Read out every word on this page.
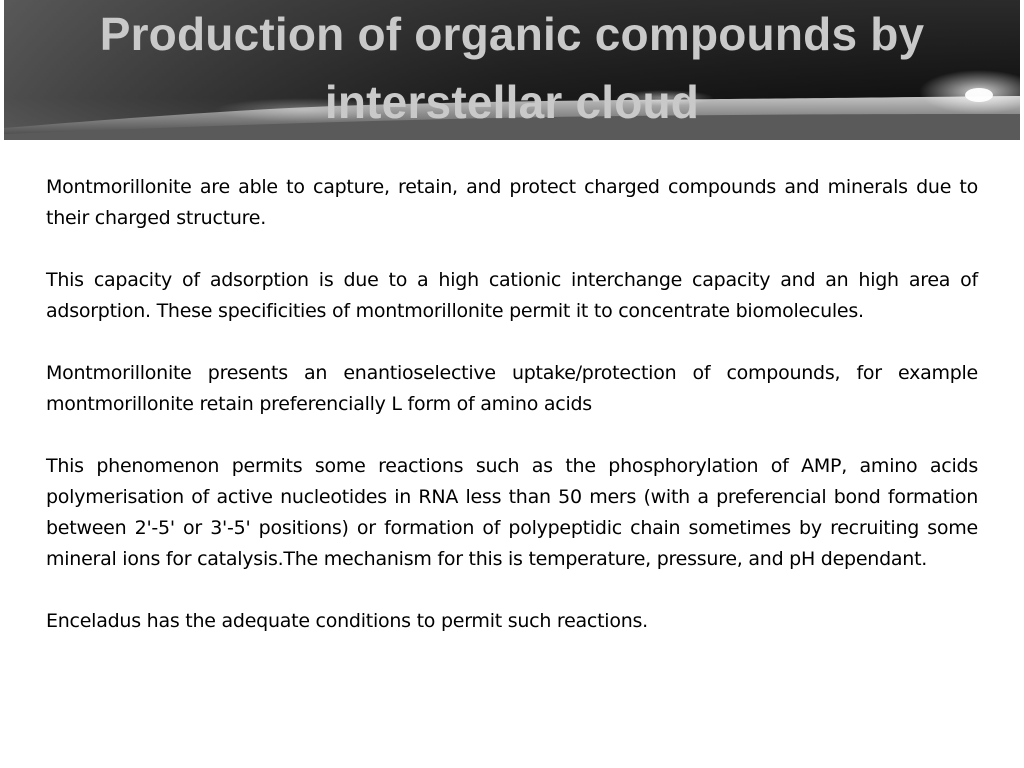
Production of organic compounds by interstellar cloud

Montmorillonite are able to capture, retain, and protect charged compounds and minerals due to their charged structure.

This capacity of adsorption is due to a high cationic interchange capacity and an high area of adsorption. These specificities of montmorillonite permit it to concentrate biomolecules.

Montmorillonite presents an enantioselective uptake/protection of compounds, for example montmorillonite retain preferencially L form of amino acids

This phenomenon permits some reactions such as the phosphorylation of AMP, amino acids polymerisation of active nucleotides in RNA less than 50 mers (with a preferencial bond formation between 2'-5' or 3'-5' positions) or formation of polypeptidic chain sometimes by recruiting some mineral ions for catalysis.The mechanism for this is temperature, pressure, and pH dependant.

Enceladus has the adequate conditions to permit such reactions.
